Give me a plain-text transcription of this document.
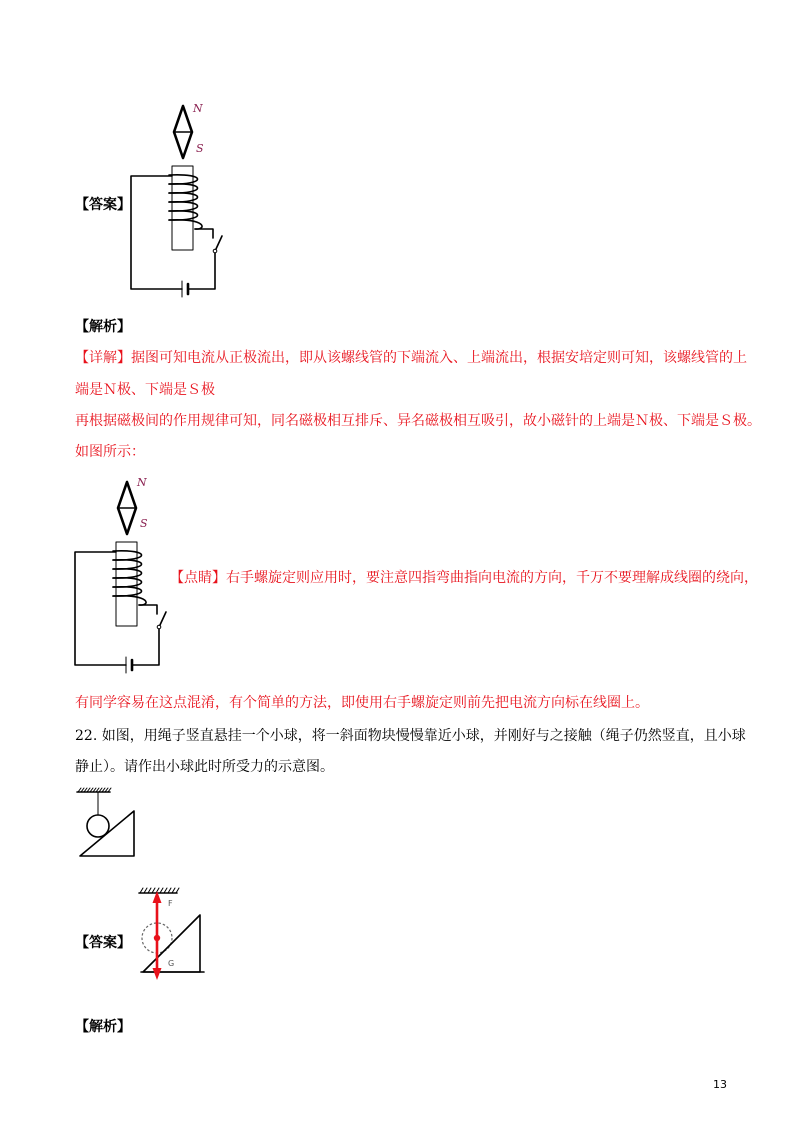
N
S
【答案】
【解析】
【详解】据图可知电流从正极流出，即从该螺线管的下端流入、上端流出，根据安培定则可知，该螺线管的上
端是Ｎ极、下端是Ｓ极
再根据磁极间的作用规律可知，同名磁极相互排斥、异名磁极相互吸引，故小磁针的上端是Ｎ极、下端是Ｓ极。
如图所示：
N
S
【点睛】右手螺旋定则应用时，要注意四指弯曲指向电流的方向，千万不要理解成线圈的绕向，
有同学容易在这点混淆，有个简单的方法，即使用右手螺旋定则前先把电流方向标在线圈上。
22. 如图，用绳子竖直悬挂一个小球，将一斜面物块慢慢靠近小球，并刚好与之接触（绳子仍然竖直，且小球
静止）。请作出小球此时所受力的示意图。
【答案】
F
G
【解析】
13
